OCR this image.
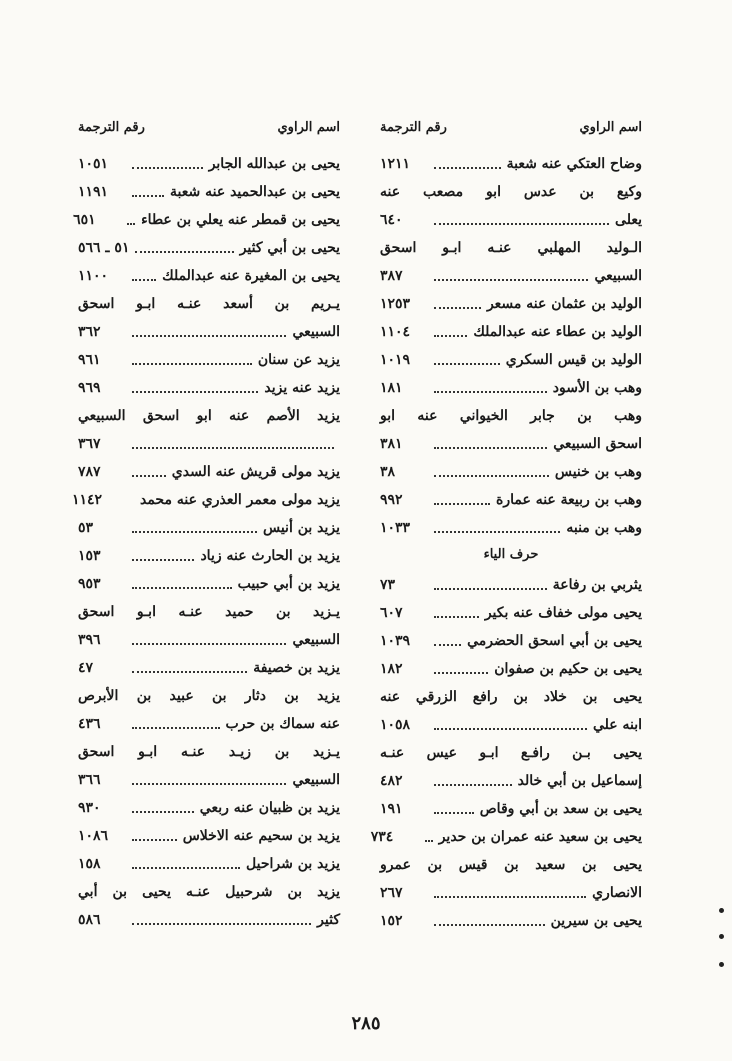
اسم الراوي
رقم الترجمة
اسم الراوي
رقم الترجمة
وضاح العتكي عنه شعبة
١٢١١
وكيع بن عدس ابو مصعب عنه
يعلى
٦٤٠
الـوليد المهلبي عنـه ابـو اسحق
السبيعي
٣٨٧
الوليد بن عثمان عنه مسعر
١٢٥٣
الوليد بن عطاء عنه عبدالملك
١١٠٤
الوليد بن قيس السكري
١٠١٩
وهب بن الأسود
١٨١
وهب بن جابر الخيواني عنه ابو
اسحق السبيعي
٣٨١
وهب بن خنيس
٣٨
وهب بن ربيعة عنه عمارة
٩٩٢
وهب بن منبه
١٠٣٣
حرف الياء
يثربي بن رفاعة
٧٣
يحيى مولى خفاف عنه بكير
٦٠٧
يحيى بن أبي اسحق الحضرمي
١٠٣٩
يحيى بن حكيم بن صفوان
١٨٢
يحيى بن خلاد بن رافع الزرقي عنه
ابنه علي
١٠٥٨
يحيى بـن رافـع ابـو عيس عنـه
إسماعيل بن أبي خالد
٤٨٢
يحيى بن سعد بن أبي وقاص
١٩١
يحيى بن سعيد عنه عمران بن حدير
٧٣٤
يحيى بن سعيد بن قيس بن عمرو
الانصاري
٢٦٧
يحيى بن سيرين
١٥٢
يحيى بن عبدالله الجابر
١٠٥١
يحيى بن عبدالحميد عنه شعبة
١١٩١
يحيى بن قمطر عنه يعلي بن عطاء
٦٥١
يحيى بن أبي كثير
٥١ ـ ٥٦٦
يحيى بن المغيرة عنه عبدالملك
١١٠٠
يـريم بن أسعد عنـه ابـو اسحق
السبيعي
٣٦٢
يزيد عن سنان
٩٦١
يزيد عنه يزيد
٩٦٩
يزيد الأصم عنه ابو اسحق السبيعي
٣٦٧
يزيد مولى قريش عنه السدي
٧٨٧
يزيد مولى معمر العذري عنه محمد
١١٤٢
يزيد بن أنيس
٥٣
يزيد بن الحارث عنه زياد
١٥٣
يزيد بن أبي حبيب
٩٥٣
يـزيد بن حميد عنـه ابـو اسحق
السبيعي
٣٩٦
يزيد بن خصيفة
٤٧
يزيد بن دثار بن عبيد بن الأبرص
عنه سماك بن حرب
٤٣٦
يـزيد بن زيـد عنـه ابـو اسحق
السبيعي
٣٦٦
يزيد بن ظبيان عنه ربعي
٩٣٠
يزيد بن سحيم عنه الاخلاس
١٠٨٦
يزيد بن شراحيل
١٥٨
يزيد بن شرحبيل عنـه يحيى بن أبي
كثير
٥٨٦
٢٨٥
